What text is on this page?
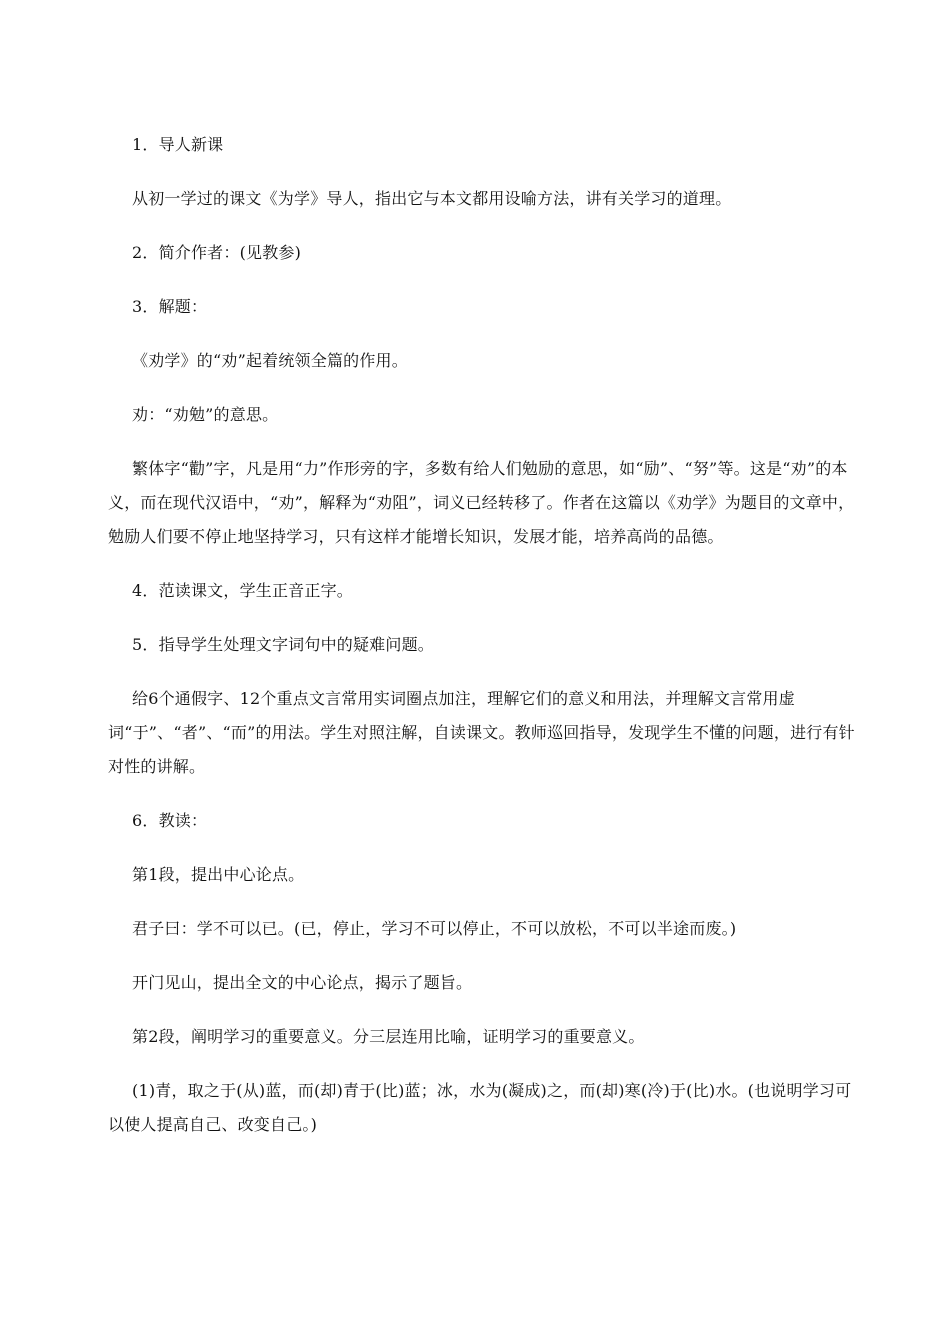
1．导人新课

从初一学过的课文《为学》导人，指出它与本文都用设喻方法，讲有关学习的道理。

2．简介作者：(见教参)

3．解题：

《劝学》的“劝”起着统领全篇的作用。

劝：“劝勉”的意思。

繁体字“勸”字，凡是用“力”作形旁的字，多数有给人们勉励的意思，如“励”、“努”等。这是“劝”的本义，而在现代汉语中，“劝”，解释为“劝阻”，词义已经转移了。作者在这篇以《劝学》为题目的文章中，勉励人们要不停止地坚持学习，只有这样才能增长知识，发展才能，培养高尚的品德。

4．范读课文，学生正音正字。

5．指导学生处理文字词句中的疑难问题。

给6个通假字、12个重点文言常用实词圈点加注，理解它们的意义和用法，并理解文言常用虚词“于”、“者”、“而”的用法。学生对照注解，自读课文。教师巡回指导，发现学生不懂的问题，进行有针对性的讲解。

6．教读：

第1段，提出中心论点。

君子曰：学不可以已。(已，停止，学习不可以停止，不可以放松，不可以半途而废。)

开门见山，提出全文的中心论点，揭示了题旨。

第2段，阐明学习的重要意义。分三层连用比喻，证明学习的重要意义。

(1)青，取之于(从)蓝，而(却)青于(比)蓝；冰，水为(凝成)之，而(却)寒(冷)于(比)水。(也说明学习可以使人提高自己、改变自己。)
